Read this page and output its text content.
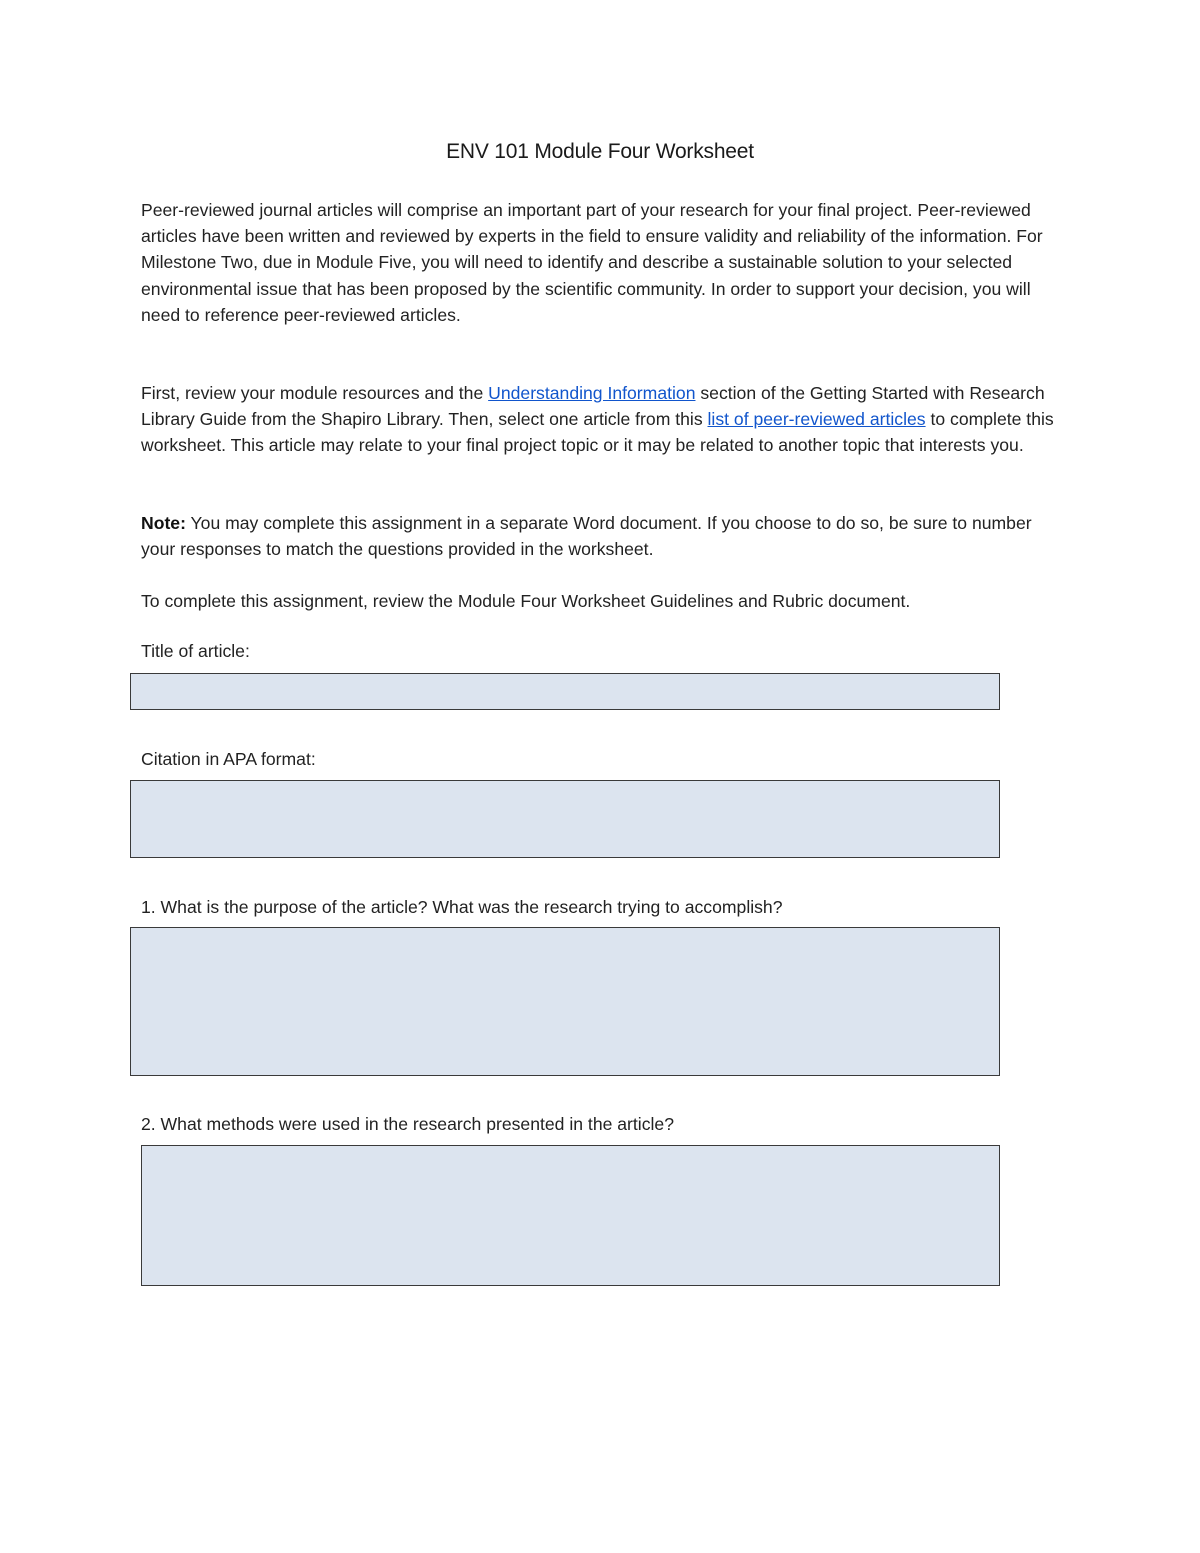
ENV 101 Module Four Worksheet

Peer-reviewed journal articles will comprise an important part of your research for your final project. Peer-reviewed articles have been written and reviewed by experts in the field to ensure validity and reliability of the information. For Milestone Two, due in Module Five, you will need to identify and describe a sustainable solution to your selected environmental issue that has been proposed by the scientific community. In order to support your decision, you will need to reference peer-reviewed articles.

First, review your module resources and the Understanding Information section of the Getting Started with Research Library Guide from the Shapiro Library. Then, select one article from this list of peer-reviewed articles to complete this worksheet. This article may relate to your final project topic or it may be related to another topic that interests you.

Note: You may complete this assignment in a separate Word document. If you choose to do so, be sure to number your responses to match the questions provided in the worksheet.

To complete this assignment, review the Module Four Worksheet Guidelines and Rubric document.

Title of article:

Citation in APA format:

1. What is the purpose of the article? What was the research trying to accomplish?

2. What methods were used in the research presented in the article?
